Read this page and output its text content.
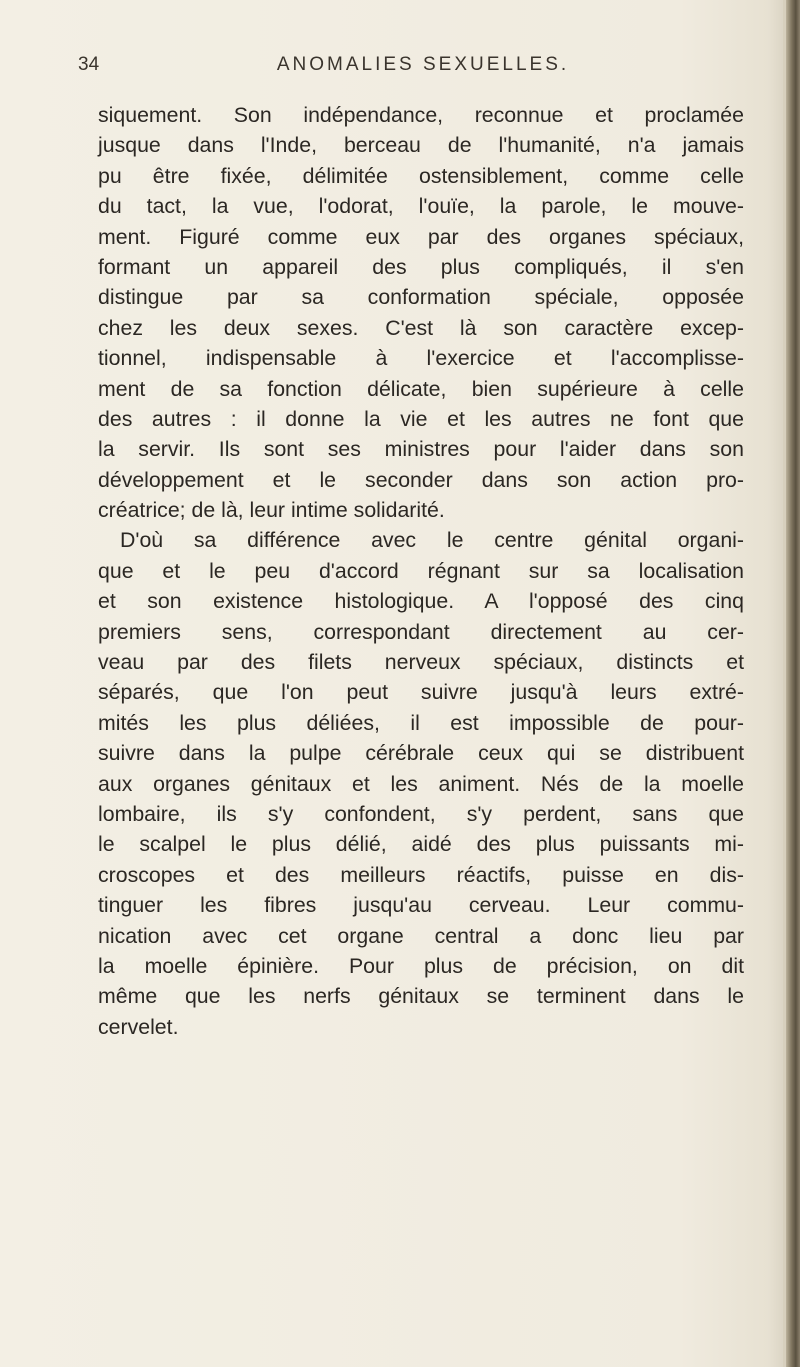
34	ANOMALIES SEXUELLES.
siquement. Son indépendance, reconnue et proclamée
jusque dans l'Inde, berceau de l'humanité, n'a jamais
pu être fixée, délimitée ostensiblement, comme celle
du tact, la vue, l'odorat, l'ouïe, la parole, le mouve-
ment. Figuré comme eux par des organes spéciaux,
formant un appareil des plus compliqués, il s'en
distingue par sa conformation spéciale, opposée
chez les deux sexes. C'est là son caractère excep-
tionnel, indispensable à l'exercice et l'accomplisse-
ment de sa fonction délicate, bien supérieure à celle
des autres : il donne la vie et les autres ne font que
la servir. Ils sont ses ministres pour l'aider dans son
développement et le seconder dans son action pro-
créatrice; de là, leur intime solidarité.
D'où sa différence avec le centre génital organi-
que et le peu d'accord régnant sur sa localisation
et son existence histologique. A l'opposé des cinq
premiers sens, correspondant directement au cer-
veau par des filets nerveux spéciaux, distincts et
séparés, que l'on peut suivre jusqu'à leurs extré-
mités les plus déliées, il est impossible de pour-
suivre dans la pulpe cérébrale ceux qui se distribuent
aux organes génitaux et les animent. Nés de la moelle
lombaire, ils s'y confondent, s'y perdent, sans que
le scalpel le plus délié, aidé des plus puissants mi-
croscopes et des meilleurs réactifs, puisse en dis-
tinguer les fibres jusqu'au cerveau. Leur commu-
nication avec cet organe central a donc lieu par
la moelle épinière. Pour plus de précision, on dit
même que les nerfs génitaux se terminent dans le
cervelet.
